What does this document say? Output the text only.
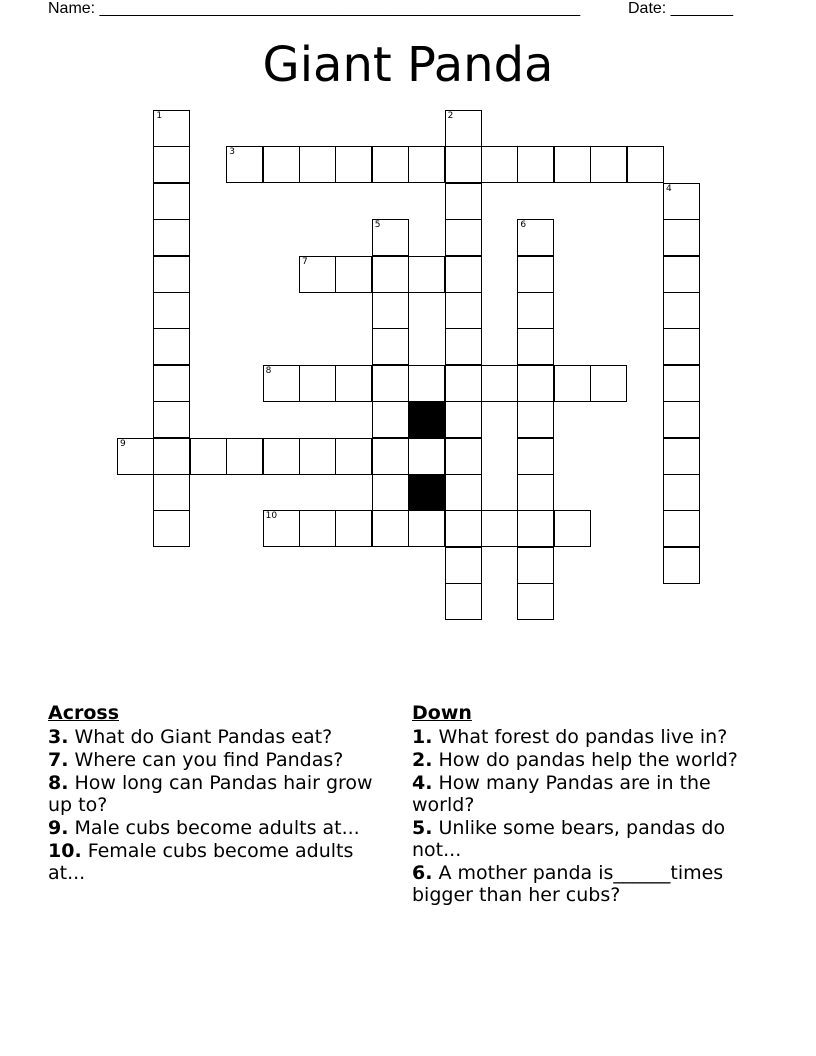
Name: ______________________________________________________	Date: _______
Giant Panda
1	2
3
4
5	6
7
8
9
10
Across
3. What do Giant Pandas eat?
7. Where can you find Pandas?
8. How long can Pandas hair grow up to?
9. Male cubs become adults at...
10. Female cubs become adults at...
Down
1. What forest do pandas live in?
2. How do pandas help the world?
4. How many Pandas are in the world?
5. Unlike some bears, pandas do not...
6. A mother panda is______times bigger than her cubs?
